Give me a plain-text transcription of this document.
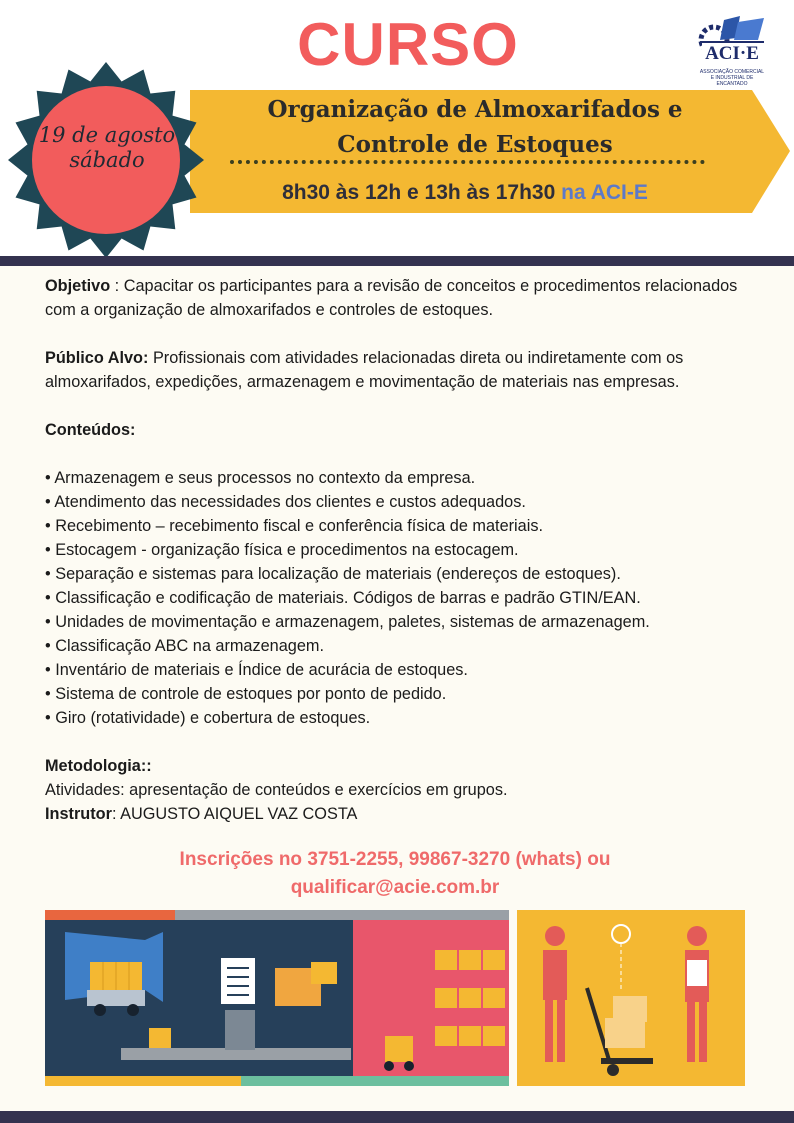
CURSO
Organização de Almoxarifados e
Controle de Estoques
8h30 às 12h e 13h às 17h30 na ACI-E
19 de agosto
sábado
ACI·E
ASSOCIAÇÃO COMERCIAL
E INDUSTRIAL DE ENCANTADO

Objetivo : Capacitar os participantes para a revisão de conceitos e procedimentos relacionados com a organização de almoxarifados e controles de estoques.

Público Alvo: Profissionais com atividades relacionadas direta ou indiretamente com os almoxarifados, expedições, armazenagem e movimentação de materiais nas empresas.

Conteúdos:

• Armazenagem e seus processos no contexto da empresa.
• Atendimento das necessidades dos clientes e custos adequados.
• Recebimento – recebimento fiscal e conferência física de materiais.
• Estocagem - organização física e procedimentos na estocagem.
• Separação e sistemas para localização de materiais (endereços de estoques).
• Classificação e codificação de materiais. Códigos de barras e padrão GTIN/EAN.
• Unidades de movimentação e armazenagem, paletes, sistemas de armazenagem.
• Classificação ABC na armazenagem.
• Inventário de materiais e Índice de acurácia de estoques.
• Sistema de controle de estoques por ponto de pedido.
• Giro (rotatividade) e cobertura de estoques.

Metodologia::

Atividades: apresentação de conteúdos e exercícios em grupos.

Instrutor: AUGUSTO AIQUEL VAZ COSTA

Inscrições no 3751-2255, 99867-3270 (whats) ou
qualificar@acie.com.br
